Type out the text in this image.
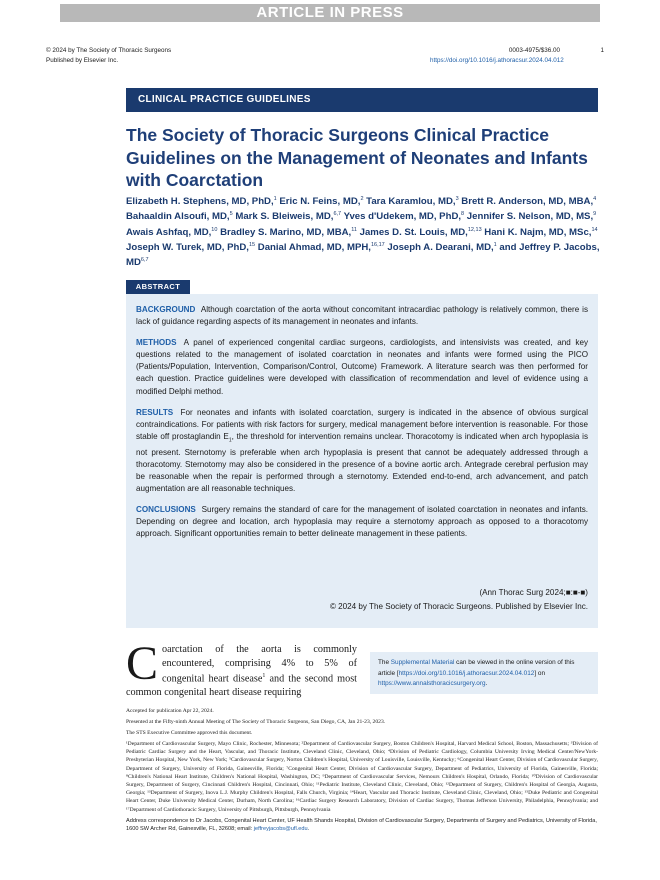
ARTICLE IN PRESS
© 2024 by The Society of Thoracic Surgeons
Published by Elsevier Inc.
0003-4975/$36.00
https://doi.org/10.1016/j.athoracsur.2024.04.012
1
CLINICAL PRACTICE GUIDELINES
The Society of Thoracic Surgeons Clinical Practice Guidelines on the Management of Neonates and Infants with Coarctation
Elizabeth H. Stephens, MD, PhD,$^1$ Eric N. Feins, MD,$^2$ Tara Karamlou, MD,$^3$ Brett R. Anderson, MD, MBA,$^4$ Bahaaldin Alsoufi, MD,$^5$ Mark S. Bleiweis, MD,$^{6,7}$ Yves d'Udekem, MD, PhD,$^8$ Jennifer S. Nelson, MD, MS,$^9$ Awais Ashfaq, MD,$^{10}$ Bradley S. Marino, MD, MBA,$^{11}$ James D. St. Louis, MD,$^{12,13}$ Hani K. Najm, MD, MSc,$^{14}$ Joseph W. Turek, MD, PhD,$^{15}$ Danial Ahmad, MD, MPH,$^{16,17}$ Joseph A. Dearani, MD,$^1$ and Jeffrey P. Jacobs, MD$^{6,7}$
ABSTRACT

BACKGROUND Although coarctation of the aorta without concomitant intracardiac pathology is relatively common, there is lack of guidance regarding aspects of its management in neonates and infants.

METHODS A panel of experienced congenital cardiac surgeons, cardiologists, and intensivists was created, and key questions related to the management of isolated coarctation in neonates and infants were formed using the PICO (Patients/Population, Intervention, Comparison/Control, Outcome) Framework. A literature search was then performed for each question. Practice guidelines were developed with classification of recommendation and level of evidence using a modified Delphi method.

RESULTS For neonates and infants with isolated coarctation, surgery is indicated in the absence of obvious surgical contraindications. For patients with risk factors for surgery, medical management before intervention is reasonable. For those stable off prostaglandin $E_1$, the threshold for intervention remains unclear. Thoracotomy is indicated when arch hypoplasia is not present. Sternotomy is preferable when arch hypoplasia is present that cannot be adequately addressed through a thoracotomy. Sternotomy may also be considered in the presence of a bovine aortic arch. Antegrade cerebral perfusion may be reasonable when the repair is performed through a sternotomy. Extended end-to-end, arch advancement, and patch augmentation are all reasonable techniques.

CONCLUSIONS Surgery remains the standard of care for the management of isolated coarctation in neonates and infants. Depending on degree and location, arch hypoplasia may require a sternotomy approach as opposed to a thoracotomy approach. Significant opportunities remain to better delineate management in these patients.

(Ann Thorac Surg 2024;■:■-■)
© 2024 by The Society of Thoracic Surgeons. Published by Elsevier Inc.
Coarctation of the aorta is commonly encountered, comprising 4% to 5% of congenital heart disease$^1$ and the second most common congenital heart disease requiring
The Supplemental Material can be viewed in the online version of this article [https://doi.org/10.1016/j.athoracsur.2024.04.012] on https://www.annalsthoracicsurgery.org.

Accepted for publication Apr 22, 2024.

Presented at the Fifty-ninth Annual Meeting of The Society of Thoracic Surgeons, San Diego, CA, Jan 21-23, 2023.

The STS Executive Committee approved this document.

¹Department of Cardiovascular Surgery, Mayo Clinic, Rochester, Minnesota; ²Department of Cardiovascular Surgery, Boston Children's Hospital, Harvard Medical School, Boston, Massachusetts; ³Division of Pediatric Cardiac Surgery and the Heart, Vascular, and Thoracic Institute, Cleveland Clinic, Cleveland, Ohio; ⁴Division of Pediatric Cardiology, Columbia University Irving Medical Center/NewYork-Presbyterian Hospital, New York, New York; ⁵Cardiovascular Surgery, Norton Children's Hospital, University of Louisville, Louisville, Kentucky; ⁶Congenital Heart Center, Division of Cardiovascular Surgery, Department of Surgery, University of Florida, Gainesville, Florida; ⁷Congenital Heart Center, Division of Cardiovascular Surgery, Department of Pediatrics, University of Florida, Gainesville, Florida; ⁸Children's National Heart Institute, Children's National Hospital, Washington, DC; ⁹Department of Cardiovascular Services, Nemours Children's Hospital, Orlando, Florida; ¹⁰Division of Cardiovascular Surgery, Department of Surgery, Cincinnati Children's Hospital, Cincinnati, Ohio; ¹¹Pediatric Institute, Cleveland Clinic, Cleveland, Ohio; ¹²Department of Surgery, Children's Hospital of Georgia, Augusta, Georgia; ¹³Department of Surgery, Inova L.J. Murphy Children's Hospital, Falls Church, Virginia; ¹⁴Heart, Vascular and Thoracic Institute, Cleveland Clinic, Cleveland, Ohio; ¹⁵Duke Pediatric and Congenital Heart Center, Duke University Medical Center, Durham, North Carolina; ¹⁶Cardiac Surgery Research Laboratory, Division of Cardiac Surgery, Thomas Jefferson University, Philadelphia, Pennsylvania; and ¹⁷Department of Cardiothoracic Surgery, University of Pittsburgh, Pittsburgh, Pennsylvania

Address correspondence to Dr Jacobs, Congenital Heart Center, UF Health Shands Hospital, Division of Cardiovascular Surgery, Departments of Surgery and Pediatrics, University of Florida, 1600 SW Archer Rd, Gainesville, FL, 32608; email: jeffreyjacobs@ufl.edu.
